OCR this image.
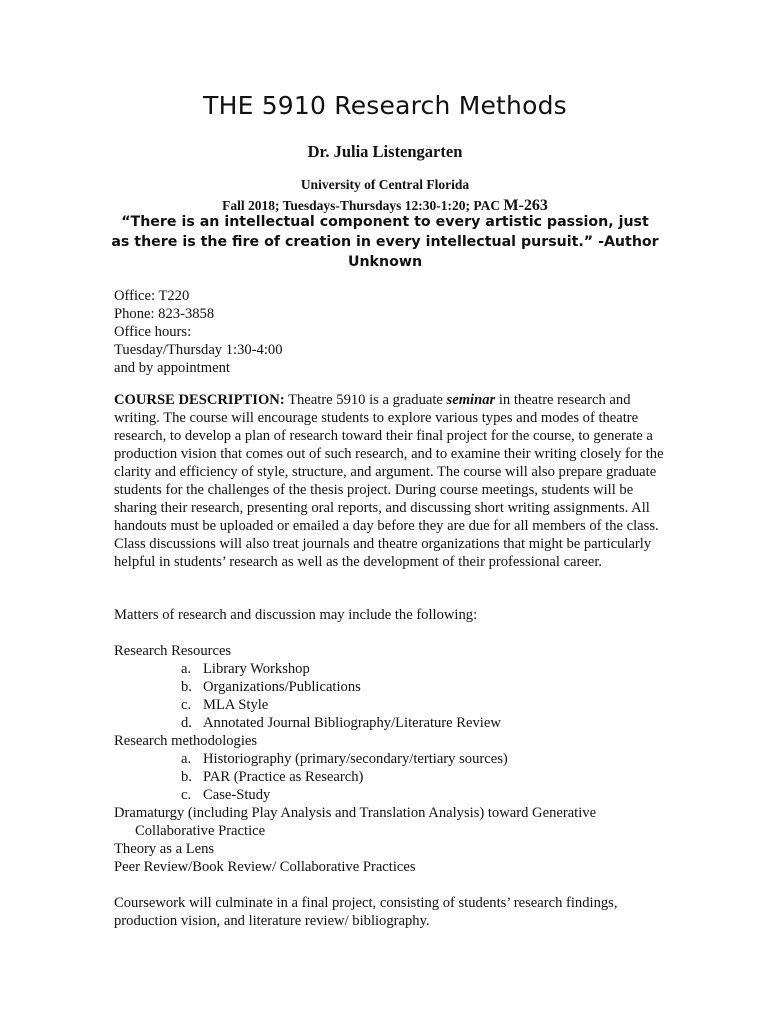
THE 5910 Research Methods
Dr. Julia Listengarten
University of Central Florida
Fall 2018; Tuesdays-Thursdays 12:30-1:20; PAC M-263
“There is an intellectual component to every artistic passion, just as there is the fire of creation in every intellectual pursuit.” -Author Unknown
Office: T220
Phone: 823-3858
Office hours:
Tuesday/Thursday 1:30-4:00
and by appointment
COURSE DESCRIPTION: Theatre 5910 is a graduate seminar in theatre research and writing. The course will encourage students to explore various types and modes of theatre research, to develop a plan of research toward their final project for the course, to generate a production vision that comes out of such research, and to examine their writing closely for the clarity and efficiency of style, structure, and argument. The course will also prepare graduate students for the challenges of the thesis project. During course meetings, students will be sharing their research, presenting oral reports, and discussing short writing assignments. All handouts must be uploaded or emailed a day before they are due for all members of the class. Class discussions will also treat journals and theatre organizations that might be particularly helpful in students’ research as well as the development of their professional career.
Matters of research and discussion may include the following:
Research Resources
a. Library Workshop
b. Organizations/Publications
c. MLA Style
d. Annotated Journal Bibliography/Literature Review
Research methodologies
a. Historiography (primary/secondary/tertiary sources)
b. PAR (Practice as Research)
c. Case-Study
Dramaturgy (including Play Analysis and Translation Analysis) toward Generative
Collaborative Practice
Theory as a Lens
Peer Review/Book Review/ Collaborative Practices
Coursework will culminate in a final project, consisting of students’ research findings, production vision, and literature review/ bibliography.
